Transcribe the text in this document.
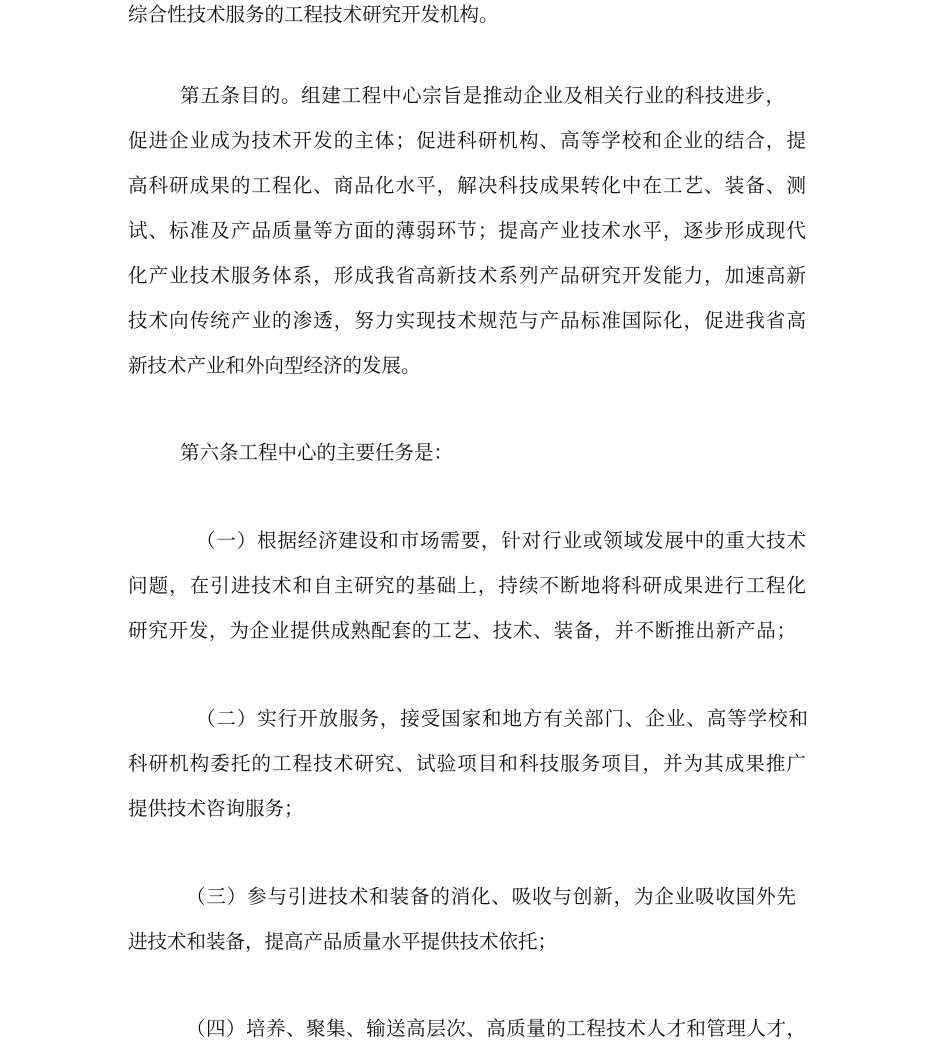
综合性技术服务的工程技术研究开发机构。
第五条目的。组建工程中心宗旨是推动企业及相关行业的科技进步，
促进企业成为技术开发的主体；促进科研机构、高等学校和企业的结合，提
高科研成果的工程化、商品化水平，解决科技成果转化中在工艺、装备、测
试、标准及产品质量等方面的薄弱环节；提高产业技术水平，逐步形成现代
化产业技术服务体系，形成我省高新技术系列产品研究开发能力，加速高新
技术向传统产业的渗透，努力实现技术规范与产品标准国际化，促进我省高
新技术产业和外向型经济的发展。
第六条工程中心的主要任务是：
（一）根据经济建设和市场需要，针对行业或领域发展中的重大技术
问题，在引进技术和自主研究的基础上，持续不断地将科研成果进行工程化
研究开发，为企业提供成熟配套的工艺、技术、装备，并不断推出新产品；
（二）实行开放服务，接受国家和地方有关部门、企业、高等学校和
科研机构委托的工程技术研究、试验项目和科技服务项目，并为其成果推广
提供技术咨询服务；
（三）参与引进技术和装备的消化、吸收与创新，为企业吸收国外先
进技术和装备，提高产品质量水平提供技术依托；
（四）培养、聚集、输送高层次、高质量的工程技术人才和管理人才，
